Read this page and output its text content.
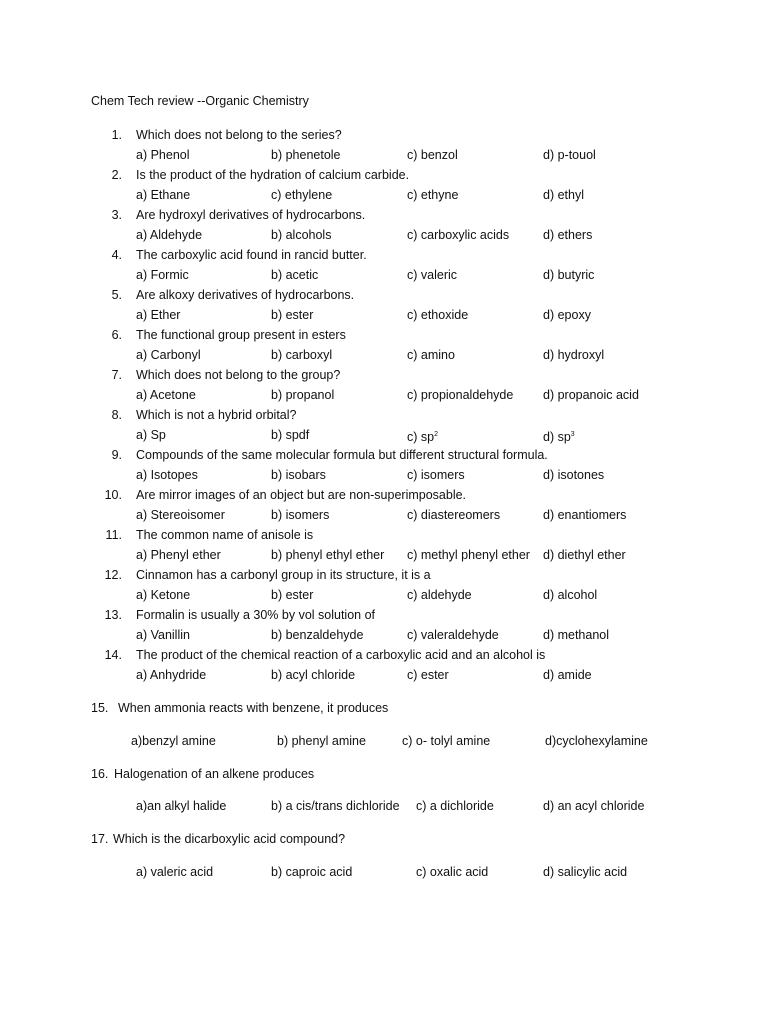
Chem Tech review --Organic Chemistry
1. Which does not belong to the series?
a) Phenol	b) phenetole	c) benzol	d) p-touol
2. Is the product of the hydration of calcium carbide.
a) Ethane	c) ethylene	c) ethyne	d) ethyl
3. Are hydroxyl derivatives of hydrocarbons.
a) Aldehyde	b) alcohols	c) carboxylic acids	d) ethers
4. The carboxylic acid found in rancid butter.
a) Formic	b) acetic	c) valeric	d) butyric
5. Are alkoxy derivatives of hydrocarbons.
a) Ether	b) ester	c) ethoxide	d) epoxy
6. The functional group present in esters
a) Carbonyl	b) carboxyl	c) amino	d) hydroxyl
7. Which does not belong to the group?
a) Acetone	b) propanol	c) propionaldehyde d) propanoic acid
8. Which is not a hybrid orbital?
a) Sp	b) spdf	c) $sp^2$	d) $sp^3$
9. Compounds of the same molecular formula but different structural formula.
a) Isotopes	b) isobars	c) isomers	d) isotones
10. Are mirror images of an object but are non-superimposable.
a) Stereoisomer	b) isomers	c) diastereomers	d) enantiomers
11. The common name of anisole is
a) Phenyl ether	b) phenyl ethyl ether c) methyl phenyl ether d) diethyl ether
12. Cinnamon has a carbonyl group in its structure, it is a
a) Ketone	b) ester	c) aldehyde	d) alcohol
13. Formalin is usually a 30% by vol solution of
a) Vanillin	b) benzaldehyde	c) valeraldehyde	d) methanol
14. The product of the chemical reaction of a carboxylic acid and an alcohol is
a) Anhydride	b) acyl chloride	c) ester	d) amide
15. When ammonia reacts with benzene, it produces
a)benzyl amine	b) phenyl amine	c) o- tolyl amine	d)cyclohexylamine
16. Halogenation of an alkene produces
a)an alkyl halide	b) a cis/trans dichloride c) a dichloride	d) an acyl chloride
17. Which is the dicarboxylic acid compound?
a) valeric acid	b) caproic acid	c) oxalic acid	d) salicylic acid
